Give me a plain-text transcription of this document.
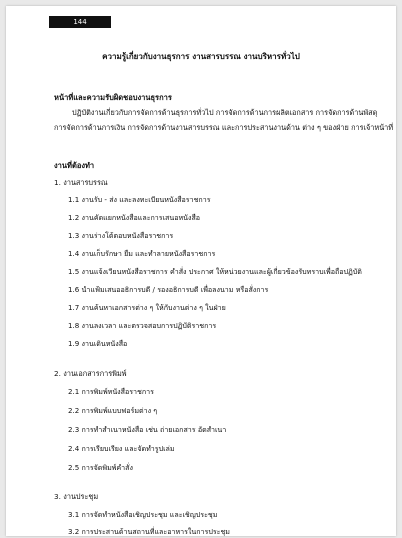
144
ความรู้เกี่ยวกับงานธุรการ งานสารบรรณ งานบริหารทั่วไป
หน้าที่และความรับผิดชอบงานธุรการ
ปฏิบัติงานเกี่ยวกับการจัดการด้านธุรการทั่วไป การจัดการด้านการผลิตเอกสาร การจัดการด้านพัสดุ
การจัดการด้านการเงิน การจัดการด้านงานสารบรรณ และการประสานงานด้าน ต่าง ๆ ของฝ่าย การเจ้าหน้าที่
งานที่ต้องทำ
1. งานสารบรรณ
1.1 งานรับ - ส่ง และลงทะเบียนหนังสือราชการ
1.2 งานคัดแยกหนังสือและการเสนอหนังสือ
1.3 งานร่างโต้ตอบหนังสือราชการ
1.4 งานเก็บรักษา ยืม และทำลายหนังสือราชการ
1.5 งานแจ้งเวียนหนังสือราชการ คำสั่ง ประกาศ ให้หน่วยงานและผู้เกี่ยวข้องรับทราบเพื่อถือปฏิบัติ
1.6 นำแฟ้มเสนออธิการบดี / รองอธิการบดี เพื่อลงนาม หรือสั่งการ
1.7 งานค้นหาเอกสารต่าง ๆ ให้กับงานต่าง ๆ ในฝ่าย
1.8 งานลงเวลา และตรวจสอบการปฏิบัติราชการ
1.9 งานเดินหนังสือ
2. งานเอกสารการพิมพ์
2.1 การพิมพ์หนังสือราชการ
2.2 การพิมพ์แบบฟอร์มต่าง ๆ
2.3 การทำสำเนาหนังสือ เช่น ถ่ายเอกสาร อัดสำเนา
2.4 การเรียบเรียง และจัดทำรูปเล่ม
2.5 การจัดพิมพ์คำสั่ง
3. งานประชุม
3.1 การจัดทำหนังสือเชิญประชุม และเชิญประชุม
3.2 การประสานด้านสถานที่และอาหารในการประชุม
